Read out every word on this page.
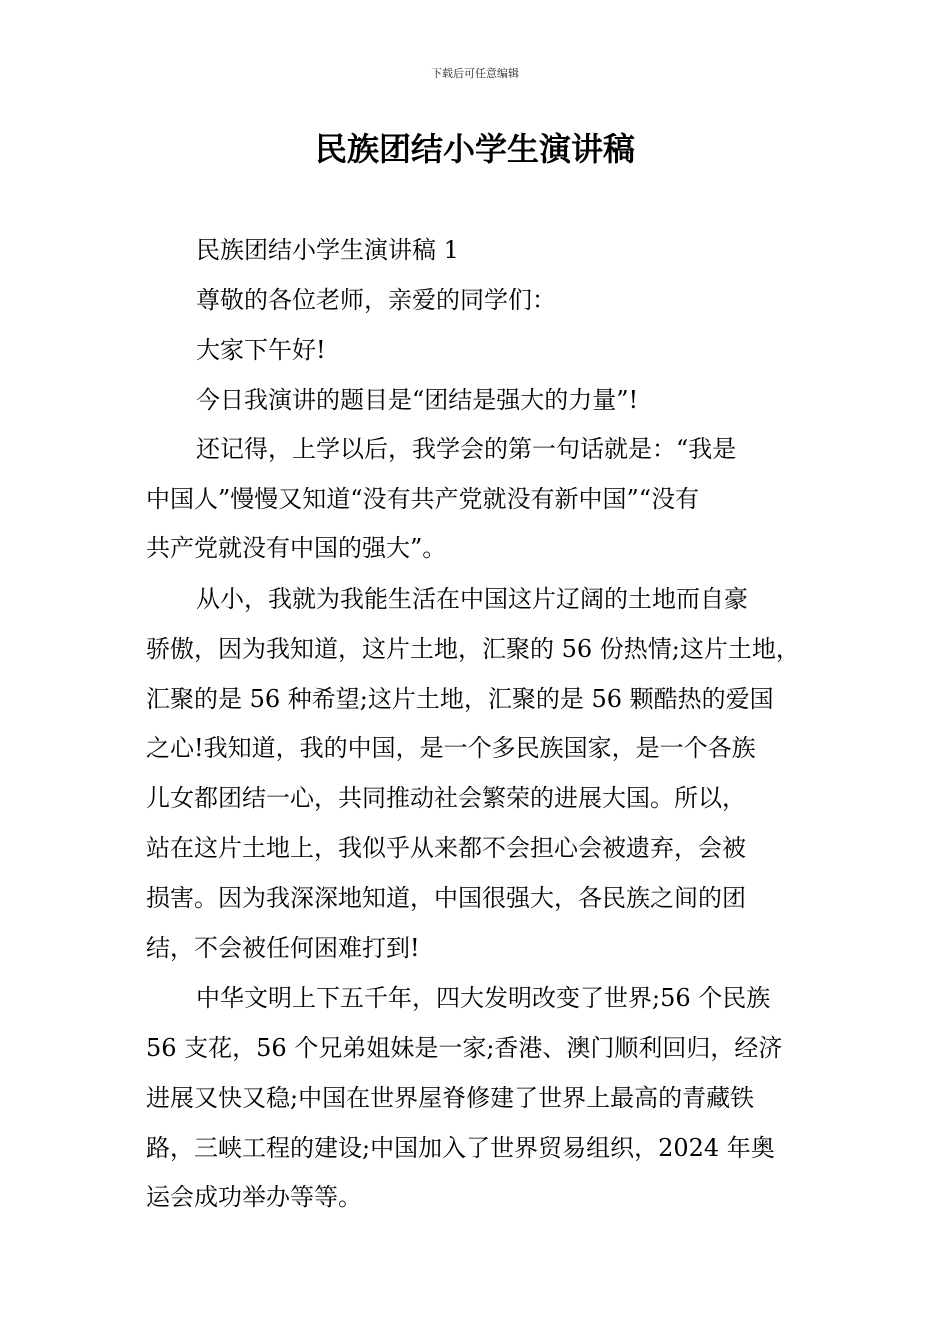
下载后可任意编辑
民族团结小学生演讲稿
民族团结小学生演讲稿 1
尊敬的各位老师，亲爱的同学们：
大家下午好!
今日我演讲的题目是“团结是强大的力量”!
还记得，上学以后，我学会的第一句话就是：“我是
中国人”慢慢又知道“没有共产党就没有新中国”“没有
共产党就没有中国的强大”。
从小，我就为我能生活在中国这片辽阔的土地而自豪
骄傲，因为我知道，这片土地，汇聚的 56 份热情;这片土地，
汇聚的是 56 种希望;这片土地，汇聚的是 56 颗酷热的爱国
之心!我知道，我的中国，是一个多民族国家，是一个各族
儿女都团结一心，共同推动社会繁荣的进展大国。所以，
站在这片土地上，我似乎从来都不会担心会被遗弃，会被
损害。因为我深深地知道，中国很强大，各民族之间的团
结，不会被任何困难打到!
中华文明上下五千年，四大发明改变了世界;56 个民族
56 支花，56 个兄弟姐妹是一家;香港、澳门顺利回归，经济
进展又快又稳;中国在世界屋脊修建了世界上最高的青藏铁
路，三峡工程的建设;中国加入了世界贸易组织，2024 年奥
运会成功举办等等。
